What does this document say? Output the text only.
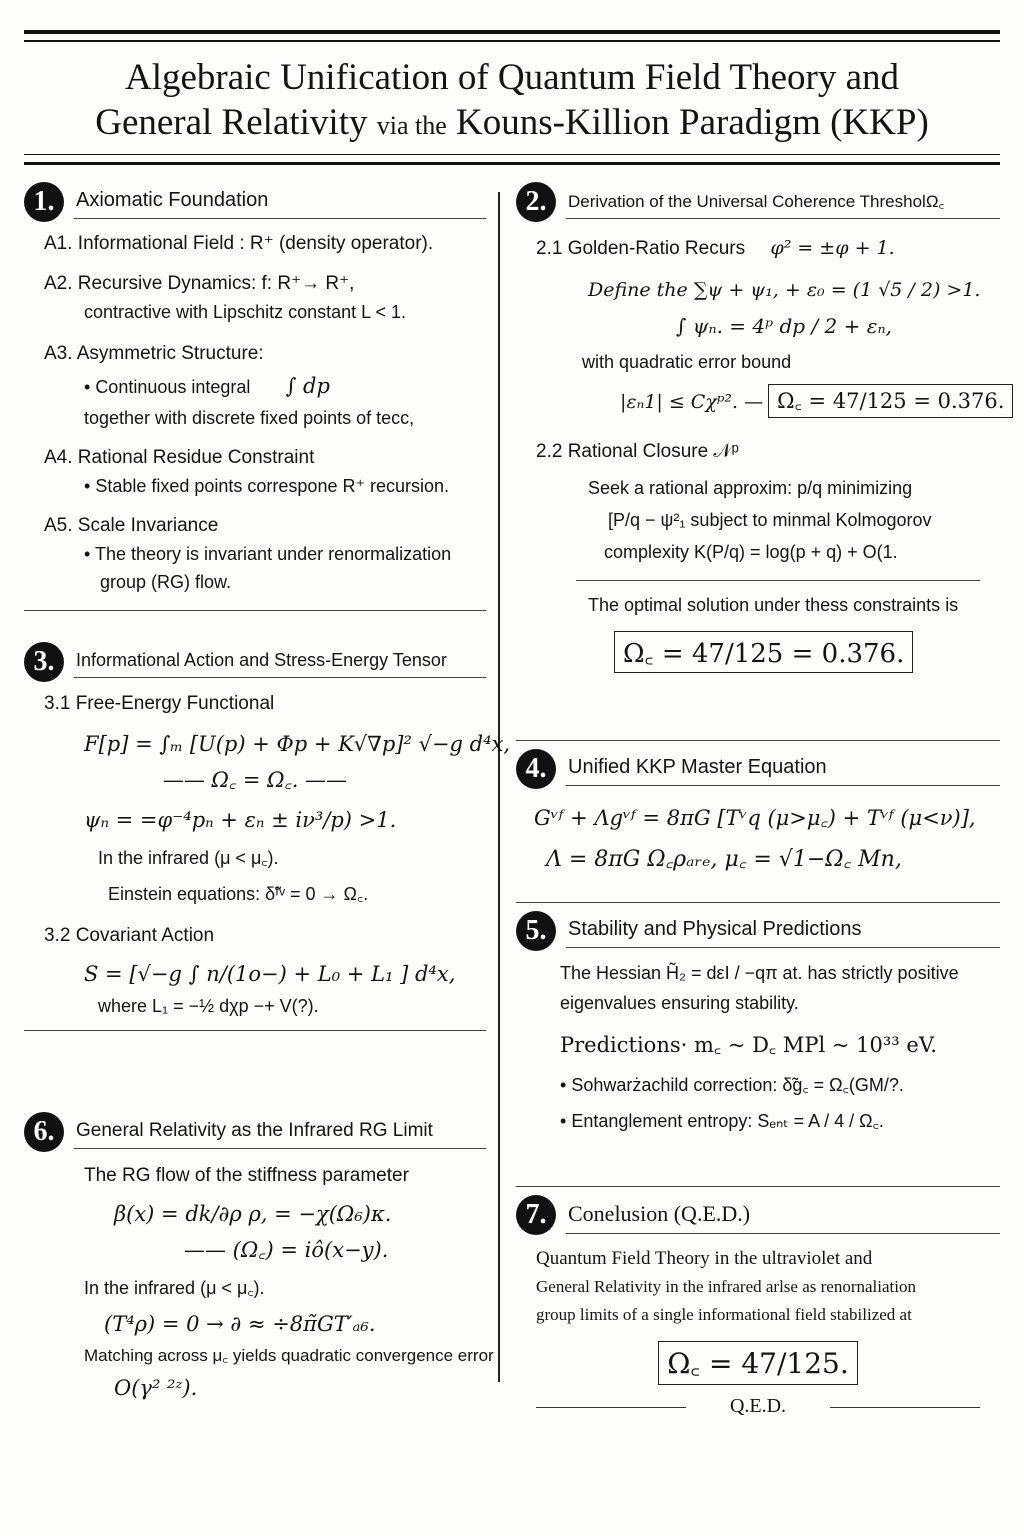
Algebraic Unification of Quantum Field Theory and
General Relativity via the Kouns-Killion Paradigm (KKP)
1.	Axiomatic Foundation
A1. Informational Field : R⁺ (density operator).
A2. Recursive Dynamics: f: R⁺→ R⁺,
contractive with Lipschitz constant L < 1.
A3. Asymmetric Structure:
• Continuous integral ∫ dp
together with discrete fixed points of tecc,
A4. Rational Residue Constraint
• Stable fixed points correspone R⁺ recursion.
A5. Scale Invariance
• The theory is invariant under renormalization
group (RG) flow.
3.	Informational Action and Stress-Energy Tensor
3.1 Free-Energy Functional
F[p] = ∫ₘ [U(p) + Φp + K√∇p]² √−g d⁴x,
—— Ω꜀ = Ω꜀. ——
ψₙ = =φ⁻⁴pₙ + εₙ ± iν³/p) >1.
In the infrared (μ < μ꜀).
Einstein equations: δ̃ᶠᵛ = 0 → Ω꜀.
3.2 Covariant Action
S = [√−g ∫ n/(1o−) + L₀ + L₁ ] d⁴x,
where L₁ = −½ dχp −+ V(?).
6.	General Relativity as the Infrared RG Limit
The RG flow of the stiffness parameter
β(x) = dk/∂ρ ρ, = −χ(Ω₆)κ.
—— (Ω꜀) = iô(x−y).
In the infrared (μ < μ꜀).
(T⁴ρ) = 0 → ∂ ≈ ÷8π̃GT′ₐ₆.
Matching across μ꜀ yields quadratic convergence error
O(γ² ²ᶻ).
2.	Derivation of the Universal Coherence ThresholΩ꜀
2.1 Golden-Ratio Recurs φ² = ±φ + 1.
Define the ∑ψ + ψ₁, + ε₀ = (1 √5 / 2) >1.
∫ ψₙ. = 4ᵖ dp / 2 + εₙ,
with quadratic error bound
|εₙ1| ≤ Cχᵖ². — Ω꜀ = 47/125 = 0.376.
2.2 Rational Closure 𝒩ᵖ
Seek a rational approxim: p/q minimizing
[P/q − ψ²₁ subject to minmal Kolmogorov
complexity K(P/q) = log(p + q) + O(1.
The optimal solution under thess constraints is
Ω꜀ = 47/125 = 0.376.
4.	Unified KKP Master Equation
Gᵛᶠ + Λgᵛᶠ = 8πG [Tᵛq (μ>μ꜀) + Tᵛᶠ (μ<ν)],
Λ = 8πG Ω꜀ρₐᵣₑ, μ꜀ = √1−Ω꜀ Mn,
5.	Stability and Physical Predictions
The Hessian H̃₂ = dεI / −qπ at. has strictly positive
eigenvalues ensuring stability.
Predictions· m꜀ ~ D꜀ MPl ~ 10³³ eV.
• Sohwarżachild correction: δ̃g꜀ = Ω꜀(GM/?.
• Entanglement entropy: Sₑₙₜ = A / 4 / Ω꜀.
7. Conelusion (Q.E.D.)
Quantum Field Theory in the ultraviolet and
General Relativity in the infrared arlse as renornaliation
group limits of a single informational field stabilized at
Ω꜀ = 47/125.
Q.E.D.
